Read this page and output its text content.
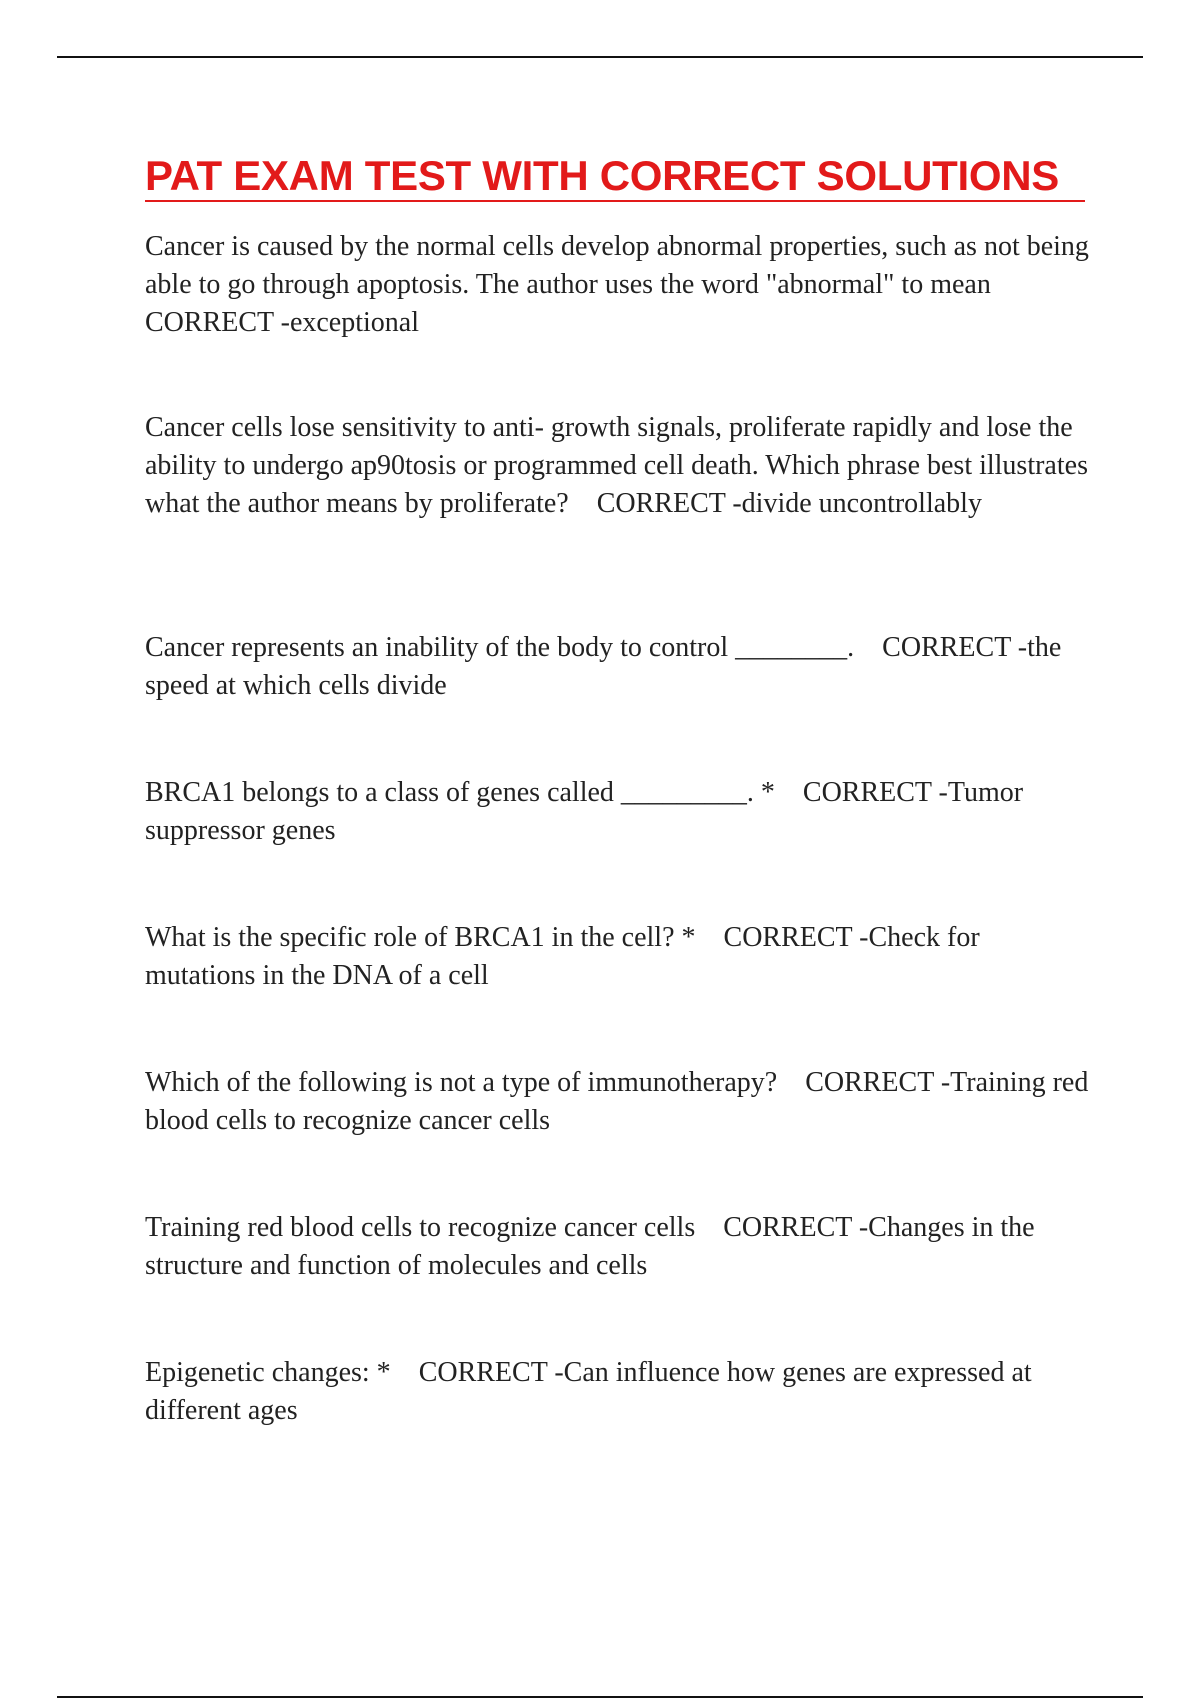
PAT EXAM TEST WITH CORRECT SOLUTIONS

Cancer is caused by the normal cells develop abnormal properties, such as not being able to go through apoptosis. The author uses the word "abnormal" to meanCORRECT -exceptional

Cancer cells lose sensitivity to anti- growth signals, proliferate rapidly and lose the ability to undergo ap90tosis or programmed cell death. Which phrase best illustrates what the author means by proliferate? CORRECT -divide uncontrollably

Cancer represents an inability of the body to control ________. CORRECT -the speed at which cells divide

BRCA1 belongs to a class of genes called _________. * CORRECT -Tumor suppressor genes

What is the specific role of BRCA1 in the cell? * CORRECT -Check for mutations in the DNA of a cell

Which of the following is not a type of immunotherapy? CORRECT -Training red blood cells to recognize cancer cells

Training red blood cells to recognize cancer cells CORRECT -Changes in the structure and function of molecules and cells

Epigenetic changes: * CORRECT -Can influence how genes are expressed at different ages
